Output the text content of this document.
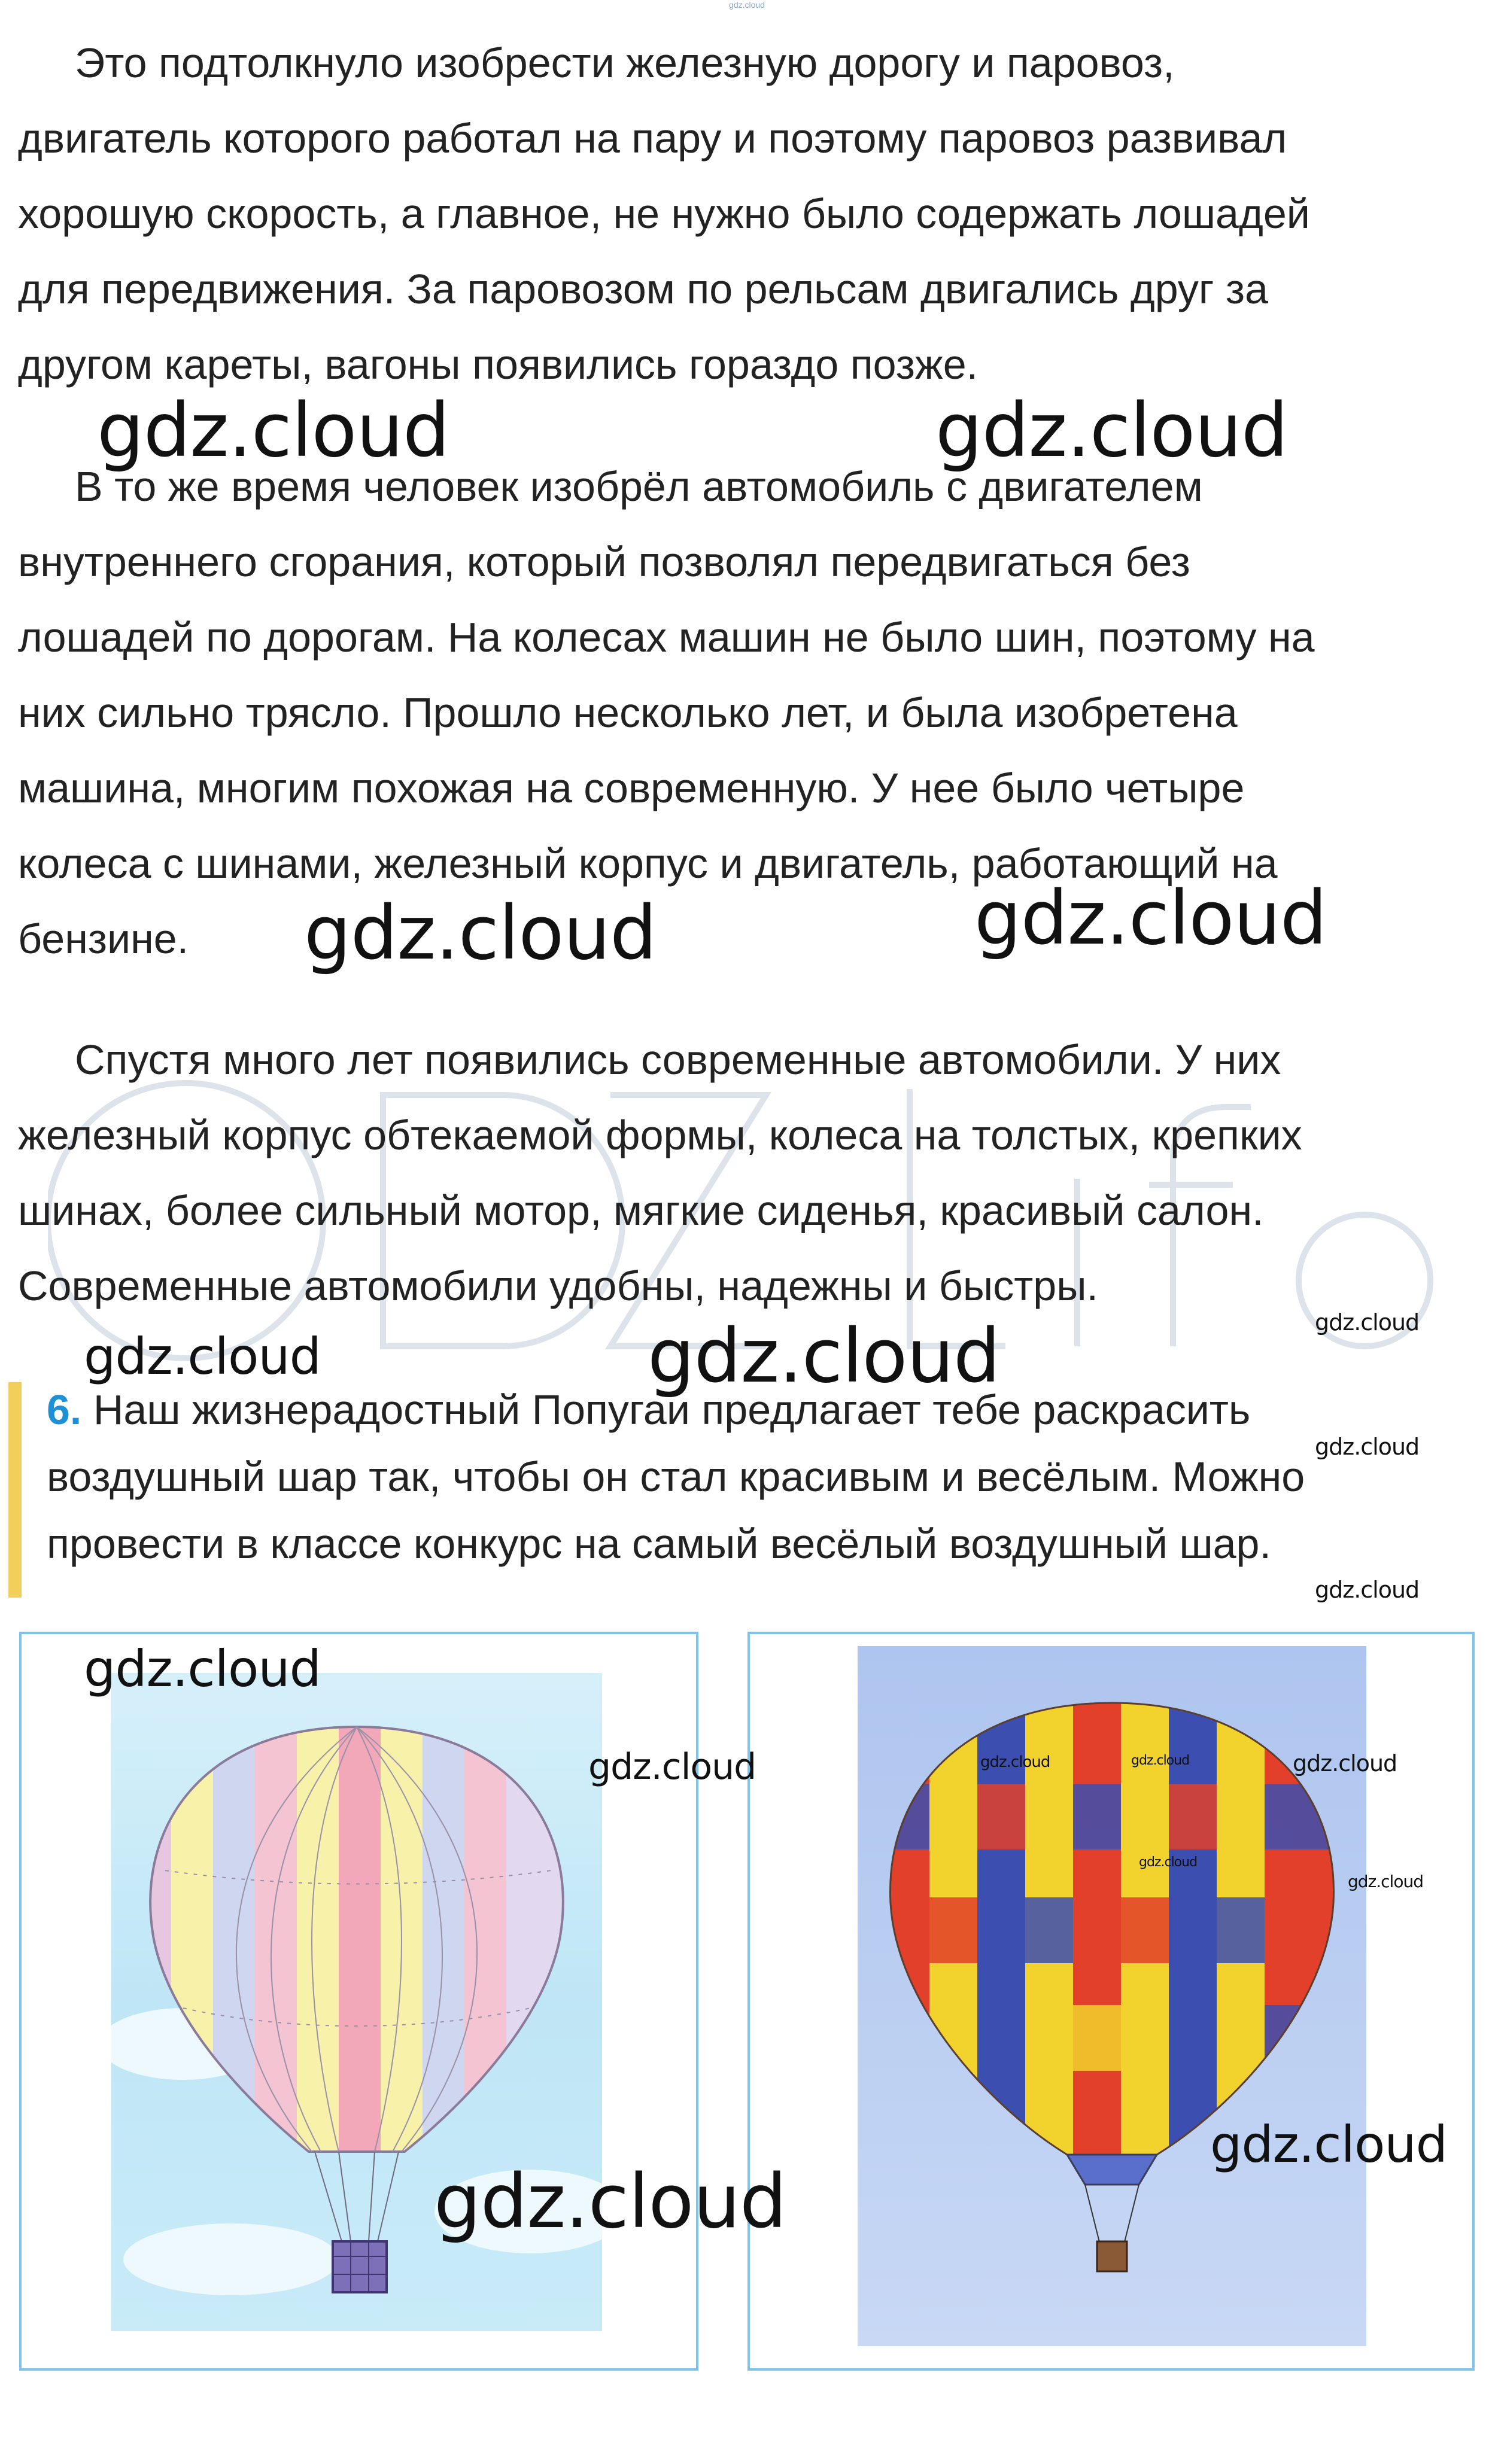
gdz.cloud
Это подтолкнуло изобрести железную дорогу и паровоз,
двигатель которого работал на пару и поэтому паровоз развивал
хорошую скорость, а главное, не нужно было содержать лошадей
для передвижения. За паровозом по рельсам двигались друг за
другом кареты, вагоны появились гораздо позже.
В то же время человек изобрёл автомобиль с двигателем
внутреннего сгорания, который позволял передвигаться без
лошадей по дорогам. На колесах машин не было шин, поэтому на
них сильно трясло. Прошло несколько лет, и была изобретена
машина, многим похожая на современную. У нее было четыре
колеса с шинами, железный корпус и двигатель, работающий на
бензине.
Спустя много лет появились современные автомобили. У них
железный корпус обтекаемой формы, колеса на толстых, крепких
шинах, более сильный мотор, мягкие сиденья, красивый салон.
Современные автомобили удобны, надежны и быстры.
6. Наш жизнерадостный Попугаи предлагает тебе раскрасить
воздушный шар так, чтобы он стал красивым и весёлым. Можно
провести в классе конкурс на самый весёлый воздушный шар.
gdz.cloud	gdz.cloud
gdz.cloud	gdz.cloud
gdz.cloud	gdz.cloud	gdz.cloud
gdz.cloud
gdz.cloud
gdz.cloud
gdz.cloud
gdz.cloud
gdz.cloud	gdz.cloud	gdz.cloud
gdz.cloud
gdz.cloud
gdz.cloud
